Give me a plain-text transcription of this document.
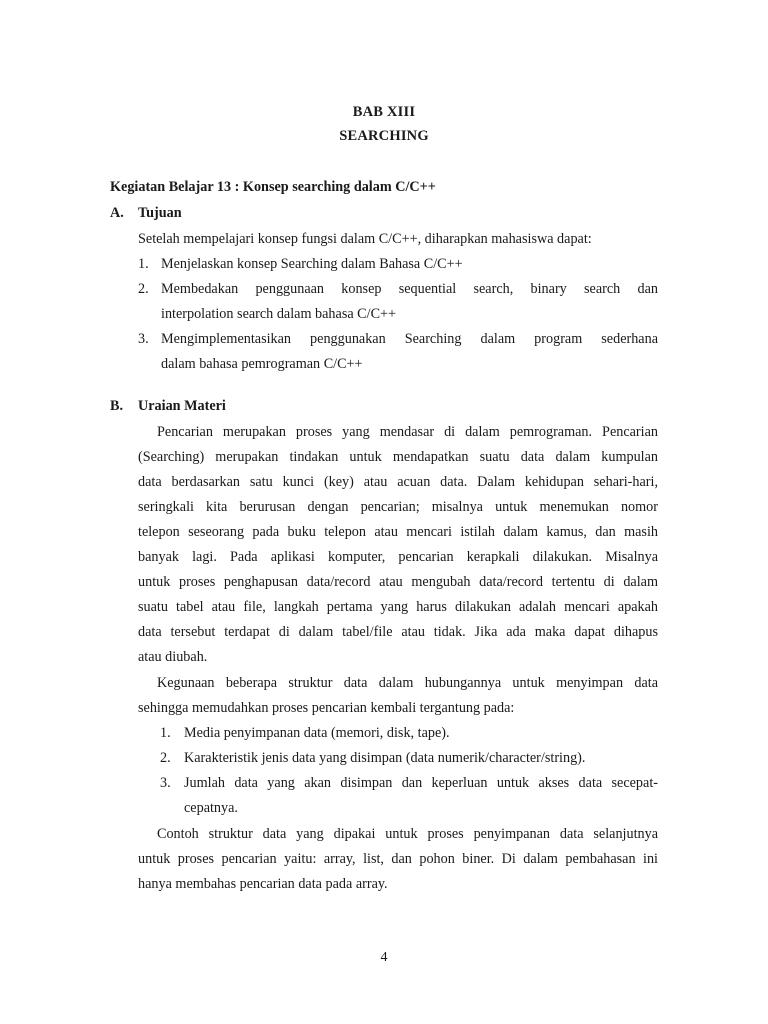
BAB XIII
SEARCHING
Kegiatan Belajar 13 : Konsep searching dalam C/C++
A. Tujuan
Setelah mempelajari konsep fungsi dalam C/C++, diharapkan mahasiswa dapat:
1. Menjelaskan konsep Searching dalam Bahasa C/C++
2. Membedakan penggunaan konsep sequential search, binary search dan
interpolation search dalam bahasa C/C++
3. Mengimplementasikan penggunakan Searching dalam program sederhana
dalam bahasa pemrograman C/C++
B. Uraian Materi
Pencarian merupakan proses yang mendasar di dalam pemrograman. Pencarian
(Searching) merupakan tindakan untuk mendapatkan suatu data dalam kumpulan
data berdasarkan satu kunci (key) atau acuan data. Dalam kehidupan sehari-hari,
seringkali kita berurusan dengan pencarian; misalnya untuk menemukan nomor
telepon seseorang pada buku telepon atau mencari istilah dalam kamus, dan masih
banyak lagi. Pada aplikasi komputer, pencarian kerapkali dilakukan. Misalnya
untuk proses penghapusan data/record atau mengubah data/record tertentu di dalam
suatu tabel atau file, langkah pertama yang harus dilakukan adalah mencari apakah
data tersebut terdapat di dalam tabel/file atau tidak. Jika ada maka dapat dihapus
atau diubah.
Kegunaan beberapa struktur data dalam hubungannya untuk menyimpan data
sehingga memudahkan proses pencarian kembali tergantung pada:
1. Media penyimpanan data (memori, disk, tape).
2. Karakteristik jenis data yang disimpan (data numerik/character/string).
3. Jumlah data yang akan disimpan dan keperluan untuk akses data secepat-
cepatnya.
Contoh struktur data yang dipakai untuk proses penyimpanan data selanjutnya
untuk proses pencarian yaitu: array, list, dan pohon biner. Di dalam pembahasan ini
hanya membahas pencarian data pada array.
4
